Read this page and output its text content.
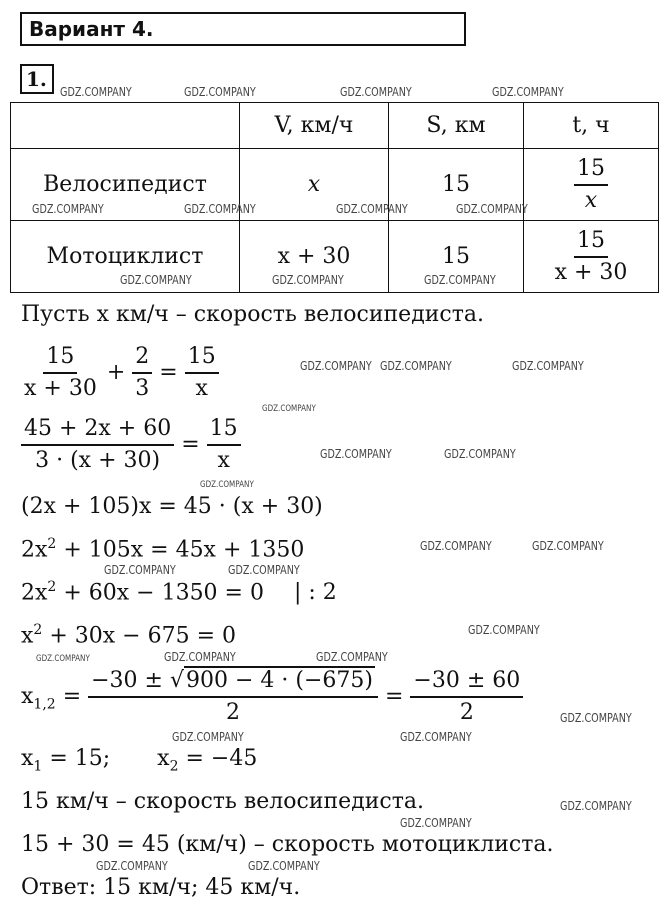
Вариант 4.
1.
	V, км/ч	S, км	t, ч
Велосипедист	x	15	$\frac{15}{x}$

Мотоциклист	x + 30	15	$\frac{15}{x + 30}$
Пусть x км/ч – скорость велосипедиста.
$\frac{15}{x + 30} + \frac{2}{3} = \frac{15}{x}$
$\frac{45 + 2x + 60}{3 \cdot (x + 30)} = \frac{15}{x}$
(2x + 105)x = 45 · (x + 30)
$2x^2 + 105x = 45x + 1350$
$2x^2 + 60x - 1350 = 0$ | : 2
$x^2 + 30x - 675 = 0$
$x_{1,2} = \frac{-30 \pm √900 - 4 \cdot (-675)}{2} = \frac{-30 \pm 60}{2}$
$x_1 = 15$; $x_2 = -45$
15 км/ч – скорость велосипедиста.
15 + 30 = 45 (км/ч) – скорость мотоциклиста.
Ответ: 15 км/ч; 45 км/ч.
GDZ.COMPANY	GDZ.COMPANY	GDZ.COMPANY	GDZ.COMPANY
GDZ.COMPANY	GDZ.COMPANY	GDZ.COMPANY	GDZ.COMPANY
GDZ.COMPANY	GDZ.COMPANY	GDZ.COMPANY
GDZ.COMPANY GDZ.COMPANY	GDZ.COMPANY
GDZ.COMPANY
GDZ.COMPANY	GDZ.COMPANY
GDZ.COMPANY
GDZ.COMPANY	GDZ.COMPANY
GDZ.COMPANY	GDZ.COMPANY
GDZ.COMPANY
GDZ.COMPANY	GDZ.COMPANY	GDZ.COMPANY
GDZ.COMPANY
GDZ.COMPANY	GDZ.COMPANY
GDZ.COMPANY
GDZ.COMPANY
GDZ.COMPANY	GDZ.COMPANY
